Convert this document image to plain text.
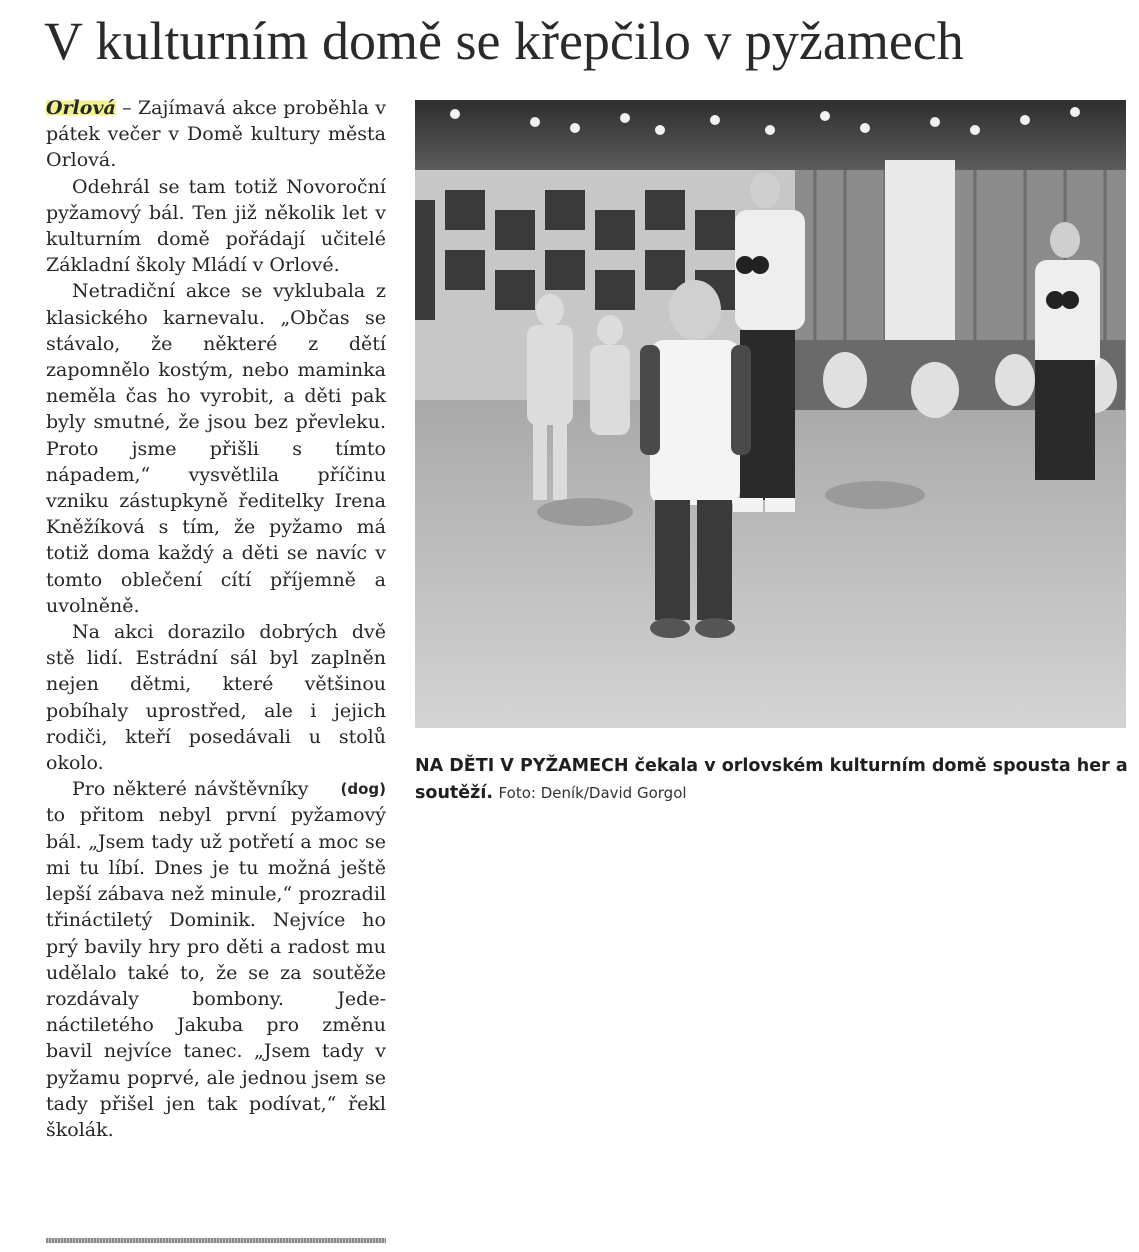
V kulturním domě se křepčilo v pyžamech

Orlová – Zajímavá akce proběhla v pátek večer v Domě kultury města Orlová.

Odehrál se tam totiž Novoroční pyžamový bál. Ten již několik let v kulturním domě pořádají učitelé Základní školy Mládí v Orlové.

Netradiční akce se vyklubala z klasického karnevalu. „Občas se stávalo, že některé z dětí zapomnělo kostým, nebo maminka neměla čas ho vyrobit, a děti pak byly smutné, že jsou bez převleku. Proto jsme přišli s tímto nápadem,“ vysvětlila příčinu vzniku zástupkyně ředitelky Irena Kněžíková s tím, že pyžamo má totiž doma každý a děti se navíc v tomto oblečení cítí příjemně a uvolněně.

Na akci dorazilo dobrých dvě stě lidí. Estrádní sál byl zaplněn nejen dětmi, které většinou pobíhaly uprostřed, ale i jejich rodiči, kteří posedávali u stolů okolo.

(dog)
Pro některé návštěvníky to přitom nebyl první pyžamový bál. „Jsem tady už potřetí a moc se mi tu líbí. Dnes je tu možná ještě lepší zábava než minule,“ prozradil třináctiletý Dominik. Nejvíce ho prý bavily hry pro děti a radost mu udělalo také to, že se za soutěže rozdávaly bombony. Jedenáctiletého Jakuba pro změnu bavil nejvíce tanec. „Jsem tady v pyžamu poprvé, ale jednou jsem se tady přišel jen tak podívat,“ řekl školák.

NA DĚTI V PYŽAMECH čekala v orlovském kulturním domě spousta her a soutěží. Foto: Deník/David Gorgol
